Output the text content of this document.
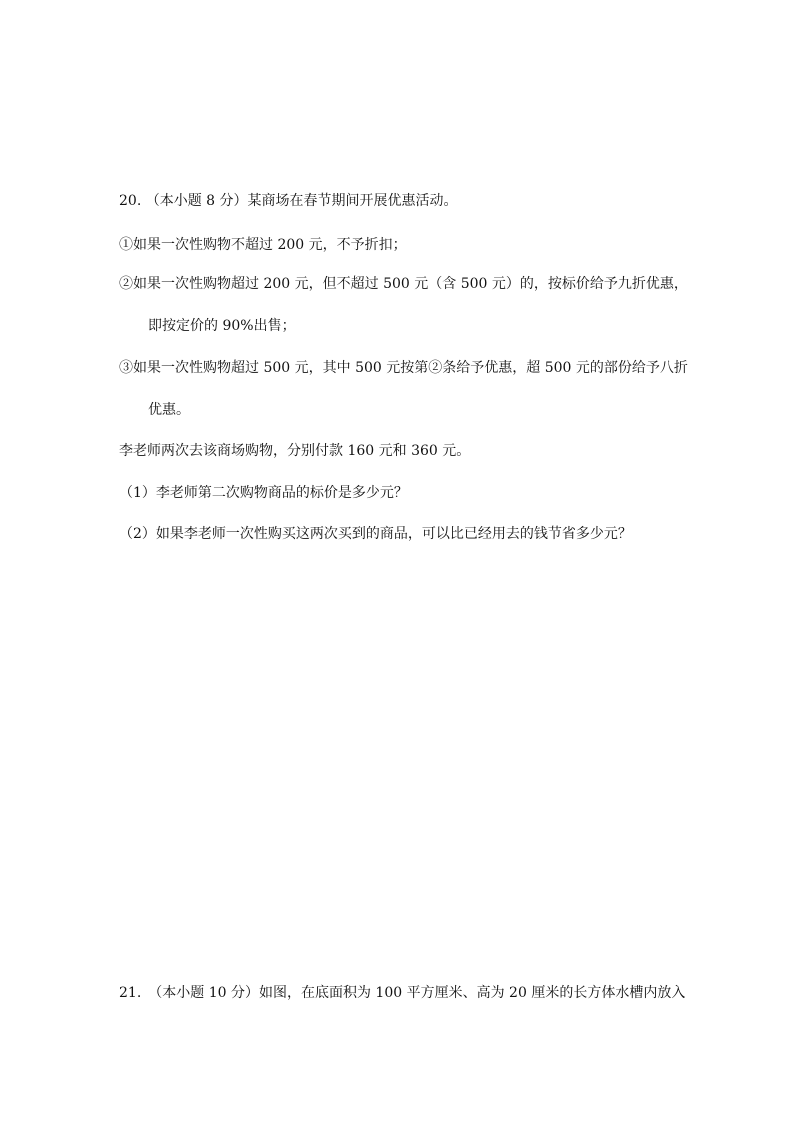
20. （本小题 8 分）某商场在春节期间开展优惠活动。
①如果一次性购物不超过 200 元，不予折扣；
②如果一次性购物超过 200 元，但不超过 500 元（含 500 元）的，按标价给予九折优惠，
即按定价的 90%出售；
③如果一次性购物超过 500 元，其中 500 元按第②条给予优惠，超 500 元的部份给予八折
优惠。
李老师两次去该商场购物，分别付款 160 元和 360 元。
（1）李老师第二次购物商品的标价是多少元？
（2）如果李老师一次性购买这两次买到的商品，可以比已经用去的钱节省多少元？
21.　（本小题 10 分）如图，在底面积为 100 平方厘米、高为 20 厘米的长方体水槽内放入
